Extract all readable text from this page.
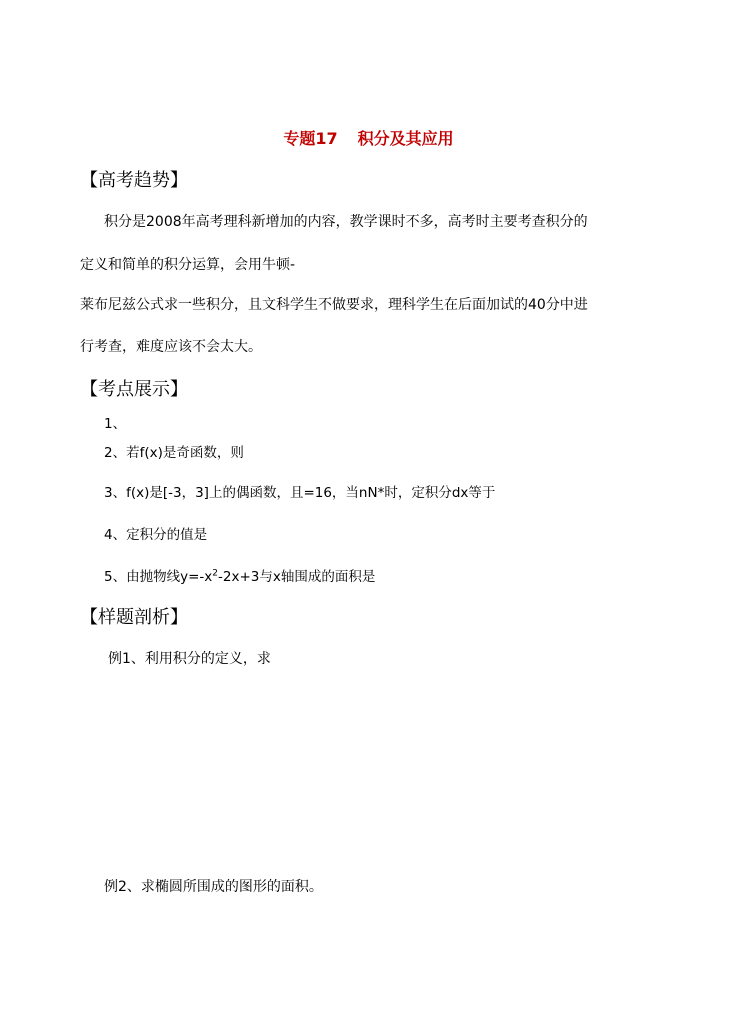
专题17 积分及其应用
【高考趋势】
积分是2008年高考理科新增加的内容，教学课时不多，高考时主要考查积分的
定义和简单的积分运算，会用牛顿-
莱布尼兹公式求一些积分，且文科学生不做要求，理科学生在后面加试的40分中进
行考查，难度应该不会太大。
【考点展示】
1、
2、若f(x)是奇函数，则
3、f(x)是[-3，3]上的偶函数，且=16，当nN*时，定积分dx等于
4、定积分的值是
5、由抛物线$y=-x^2-2x+3$与x轴围成的面积是
【样题剖析】
例1、利用积分的定义，求
例2、求椭圆所围成的图形的面积。
